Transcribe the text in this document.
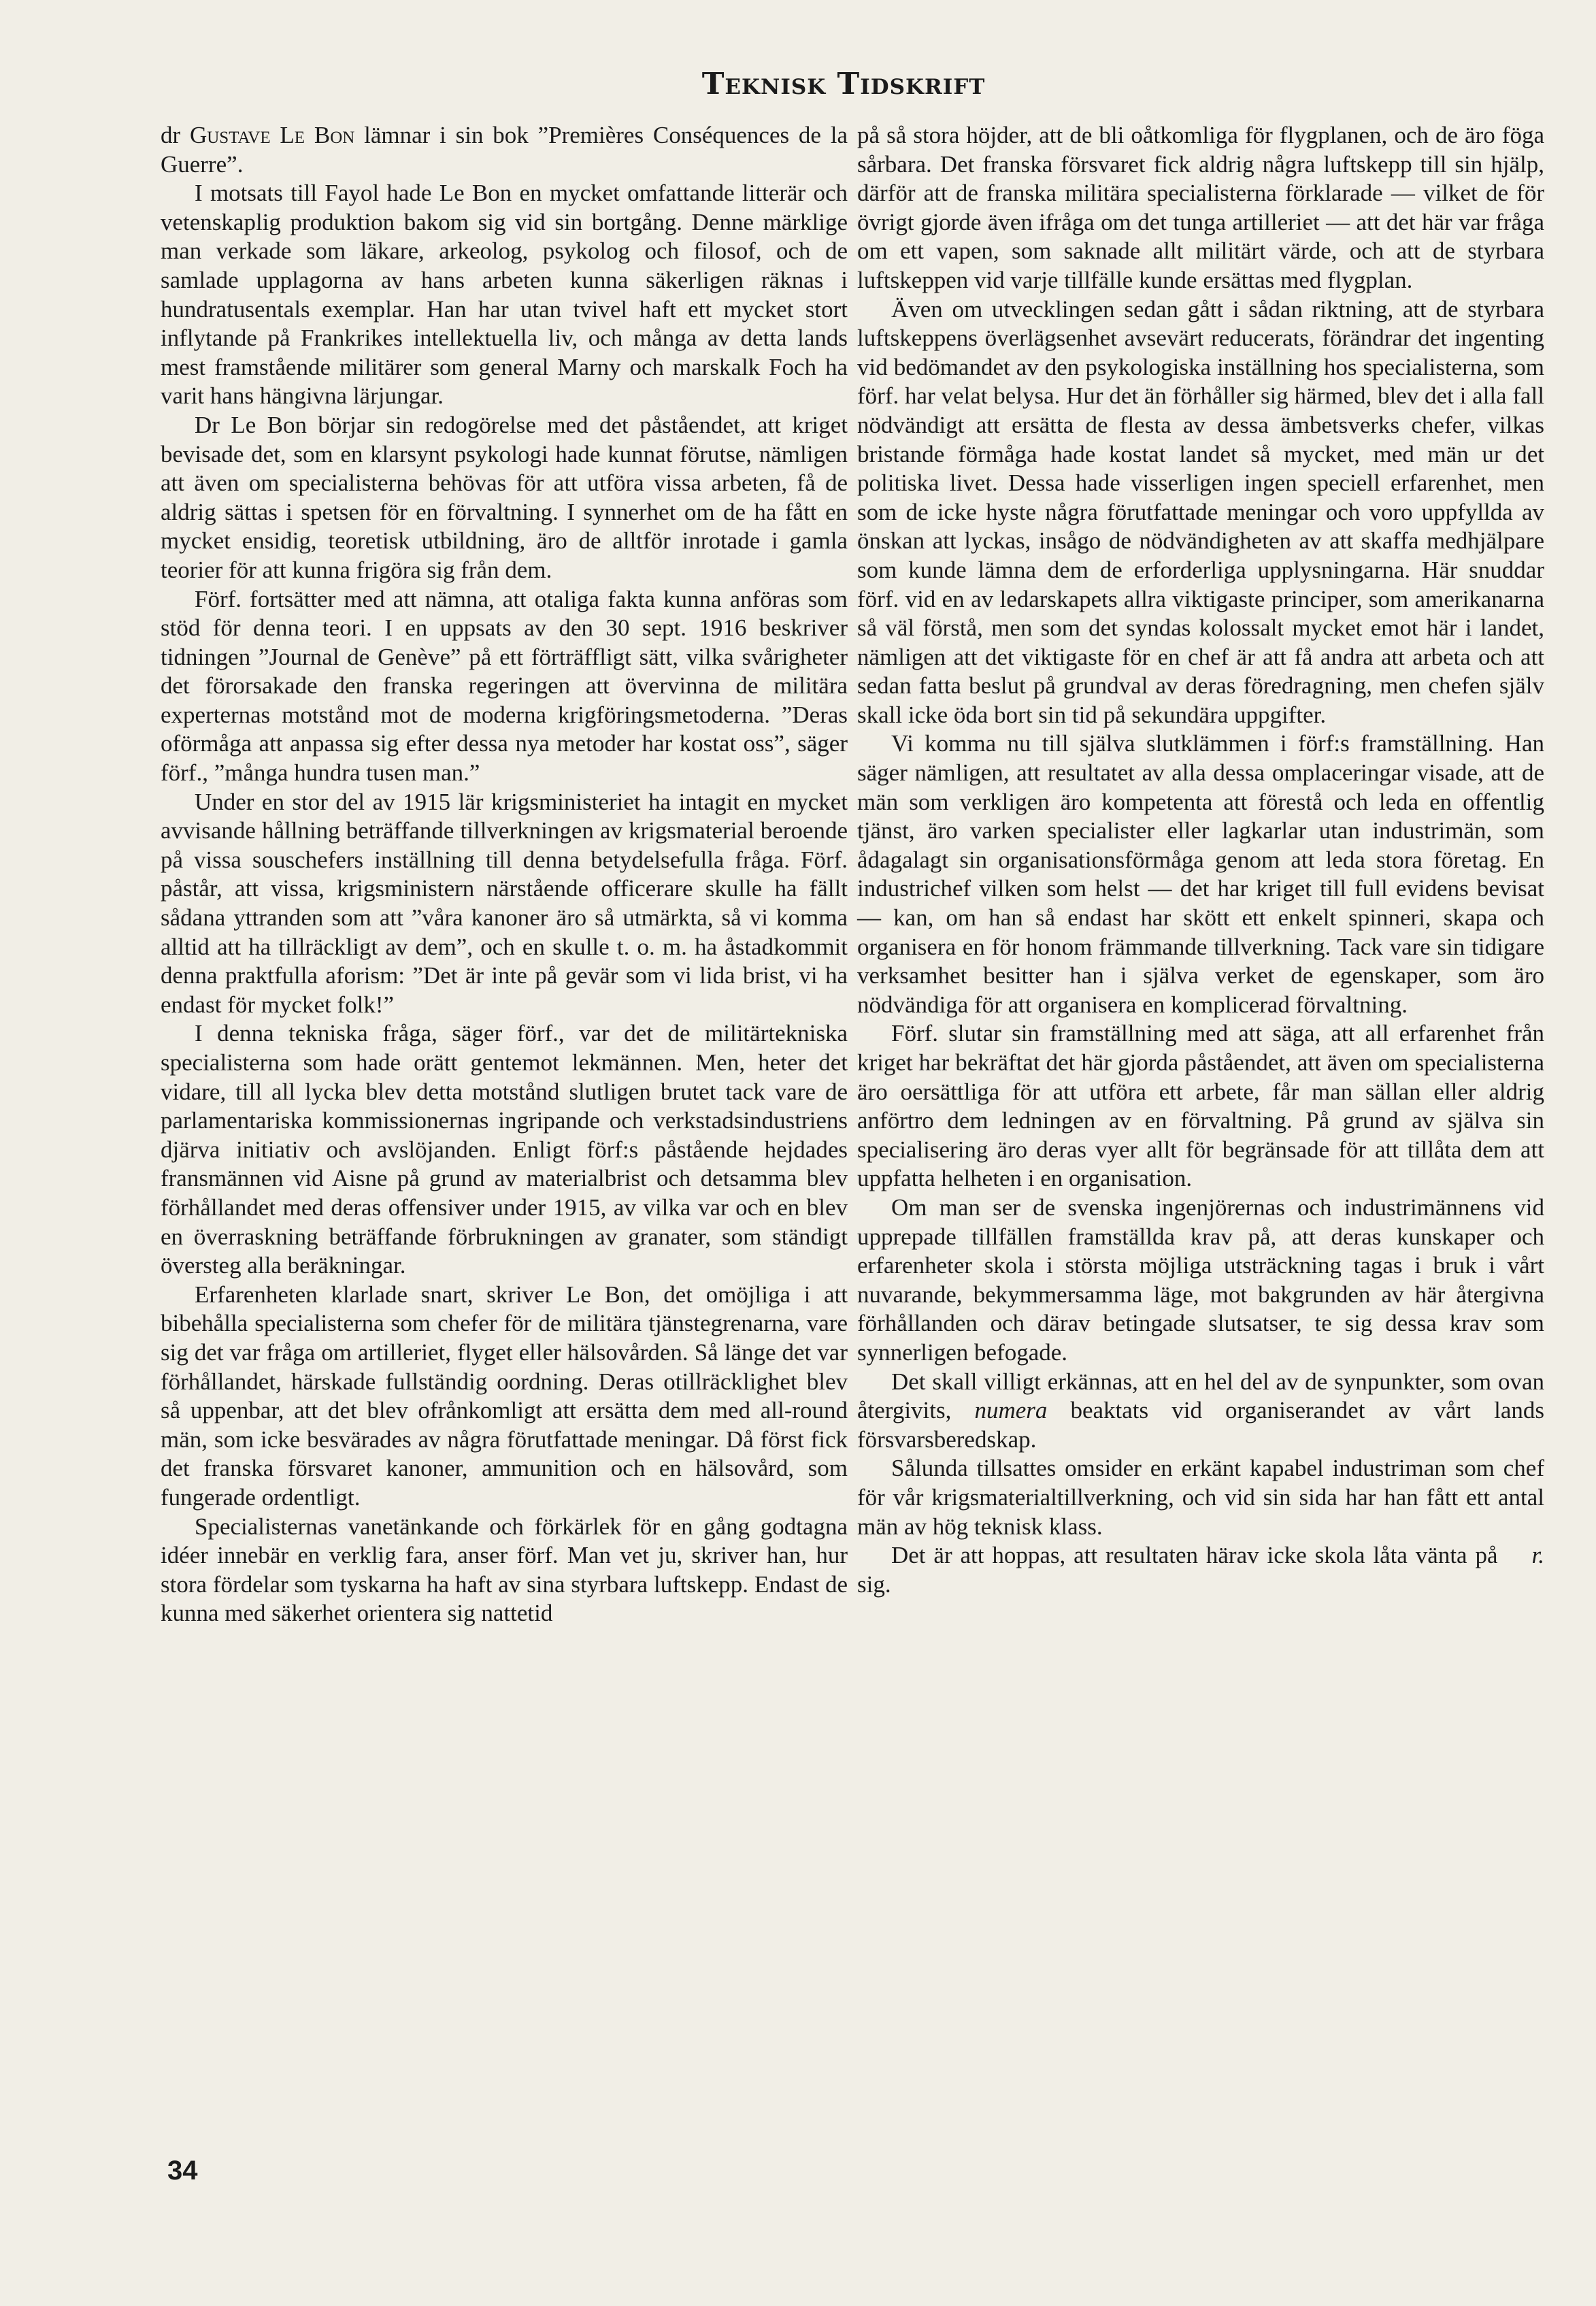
Teknisk Tidskrift

dr Gustave Le Bon lämnar i sin bok ”Premières Conséquences de la Guerre”.

I motsats till Fayol hade Le Bon en mycket omfattande litterär och vetenskaplig produktion bakom sig vid sin bortgång. Denne märklige man verkade som läkare, arkeolog, psykolog och filosof, och de samlade upplagorna av hans arbeten kunna säkerligen räknas i hundratusentals exemplar. Han har utan tvivel haft ett mycket stort inflytande på Frankrikes intellektuella liv, och många av detta lands mest framstående militärer som general Marny och marskalk Foch ha varit hans hängivna lärjungar.

Dr Le Bon börjar sin redogörelse med det påståendet, att kriget bevisade det, som en klarsynt psykologi hade kunnat förutse, nämligen att även om specialisterna behövas för att utföra vissa arbeten, få de aldrig sättas i spetsen för en förvaltning. I synnerhet om de ha fått en mycket ensidig, teoretisk utbildning, äro de alltför inrotade i gamla teorier för att kunna frigöra sig från dem.

Förf. fortsätter med att nämna, att otaliga fakta kunna anföras som stöd för denna teori. I en uppsats av den 30 sept. 1916 beskriver tidningen ”Journal de Genève” på ett förträffligt sätt, vilka svårigheter det förorsakade den franska regeringen att övervinna de militära experternas motstånd mot de moderna krigföringsmetoderna. ”Deras oförmåga att anpassa sig efter dessa nya metoder har kostat oss”, säger förf., ”många hundra tusen man.”

Under en stor del av 1915 lär krigsministeriet ha intagit en mycket avvisande hållning beträffande tillverkningen av krigsmaterial beroende på vissa souschefers inställning till denna betydelsefulla fråga. Förf. påstår, att vissa, krigsministern närstående officerare skulle ha fällt sådana yttranden som att ”våra kanoner äro så utmärkta, så vi komma alltid att ha tillräckligt av dem”, och en skulle t. o. m. ha åstadkommit denna praktfulla aforism: ”Det är inte på gevär som vi lida brist, vi ha endast för mycket folk!”

I denna tekniska fråga, säger förf., var det de militärtekniska specialisterna som hade orätt gentemot lekmännen. Men, heter det vidare, till all lycka blev detta motstånd slutligen brutet tack vare de parlamentariska kommissionernas ingripande och verkstadsindustriens djärva initiativ och avslöjanden. Enligt förf:s påstående hejdades fransmännen vid Aisne på grund av materialbrist och detsamma blev förhållandet med deras offensiver under 1915, av vilka var och en blev en överraskning beträffande förbrukningen av granater, som ständigt översteg alla beräkningar.

Erfarenheten klarlade snart, skriver Le Bon, det omöjliga i att bibehålla specialisterna som chefer för de militära tjänstegrenarna, vare sig det var fråga om artilleriet, flyget eller hälsovården. Så länge det var förhållandet, härskade fullständig oordning. Deras otillräcklighet blev så uppenbar, att det blev ofrånkomligt att ersätta dem med all-round män, som icke besvärades av några förutfattade meningar. Då först fick det franska försvaret kanoner, ammunition och en hälsovård, som fungerade ordentligt.

Specialisternas vanetänkande och förkärlek för en gång godtagna idéer innebär en verklig fara, anser förf. Man vet ju, skriver han, hur stora fördelar som tyskarna ha haft av sina styrbara luftskepp. Endast de kunna med säkerhet orientera sig nattetid

på så stora höjder, att de bli oåtkomliga för flygplanen, och de äro föga sårbara. Det franska försvaret fick aldrig några luftskepp till sin hjälp, därför att de franska militära specialisterna förklarade — vilket de för övrigt gjorde även ifråga om det tunga artilleriet — att det här var fråga om ett vapen, som saknade allt militärt värde, och att de styrbara luftskeppen vid varje tillfälle kunde ersättas med flygplan.

Även om utvecklingen sedan gått i sådan riktning, att de styrbara luftskeppens överlägsenhet avsevärt reducerats, förändrar det ingenting vid bedömandet av den psykologiska inställning hos specialisterna, som förf. har velat belysa. Hur det än förhåller sig härmed, blev det i alla fall nödvändigt att ersätta de flesta av dessa ämbetsverks chefer, vilkas bristande förmåga hade kostat landet så mycket, med män ur det politiska livet. Dessa hade visserligen ingen speciell erfarenhet, men som de icke hyste några förutfattade meningar och voro uppfyllda av önskan att lyckas, insågo de nödvändigheten av att skaffa medhjälpare som kunde lämna dem de erforderliga upplysningarna. Här snuddar förf. vid en av ledarskapets allra viktigaste principer, som amerikanarna så väl förstå, men som det syndas kolossalt mycket emot här i landet, nämligen att det viktigaste för en chef är att få andra att arbeta och att sedan fatta beslut på grundval av deras föredragning, men chefen själv skall icke öda bort sin tid på sekundära uppgifter.

Vi komma nu till själva slutklämmen i förf:s framställning. Han säger nämligen, att resultatet av alla dessa omplaceringar visade, att de män som verkligen äro kompetenta att förestå och leda en offentlig tjänst, äro varken specialister eller lagkarlar utan industrimän, som ådagalagt sin organisationsförmåga genom att leda stora företag. En industrichef vilken som helst — det har kriget till full evidens bevisat — kan, om han så endast har skött ett enkelt spinneri, skapa och organisera en för honom främmande tillverkning. Tack vare sin tidigare verksamhet besitter han i själva verket de egenskaper, som äro nödvändiga för att organisera en komplicerad förvaltning.

Förf. slutar sin framställning med att säga, att all erfarenhet från kriget har bekräftat det här gjorda påståendet, att även om specialisterna äro oersättliga för att utföra ett arbete, får man sällan eller aldrig anförtro dem ledningen av en förvaltning. På grund av själva sin specialisering äro deras vyer allt för begränsade för att tillåta dem att uppfatta helheten i en organisation.

Om man ser de svenska ingenjörernas och industrimännens vid upprepade tillfällen framställda krav på, att deras kunskaper och erfarenheter skola i största möjliga utsträckning tagas i bruk i vårt nuvarande, bekymmersamma läge, mot bakgrunden av här återgivna förhållanden och därav betingade slutsatser, te sig dessa krav som synnerligen befogade.

Det skall villigt erkännas, att en hel del av de synpunkter, som ovan återgivits, numera beaktats vid organiserandet av vårt lands försvarsberedskap.

Sålunda tillsattes omsider en erkänt kapabel industriman som chef för vår krigsmaterialtillverkning, och vid sin sida har han fått ett antal män av hög teknisk klass.

Det är att hoppas, att resultaten härav icke skola låta vänta på sig.
r.

34
